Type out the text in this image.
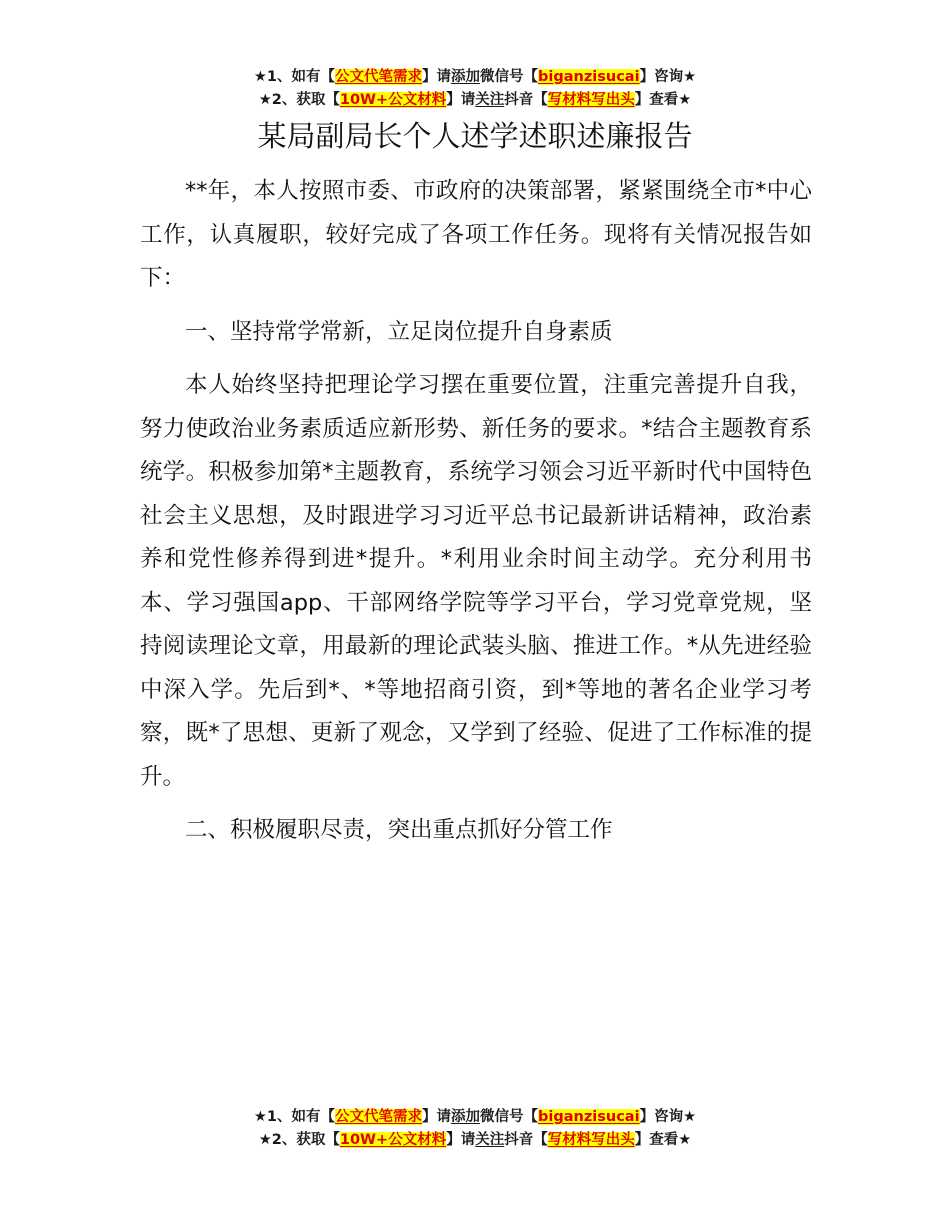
★1、如有【公文代笔需求】请添加微信号【biganzisucai】咨询★
★2、获取【10W+公文材料】请关注抖音【写材料写出头】查看★
某局副局长个人述学述职述廉报告

**年，本人按照市委、市政府的决策部署，紧紧围绕全市*中心工作，认真履职，较好完成了各项工作任务。现将有关情况报告如下：

一、坚持常学常新，立足岗位提升自身素质

本人始终坚持把理论学习摆在重要位置，注重完善提升自我，努力使政治业务素质适应新形势、新任务的要求。*结合主题教育系统学。积极参加第*主题教育，系统学习领会习近平新时代中国特色社会主义思想，及时跟进学习习近平总书记最新讲话精神，政治素养和党性修养得到进*提升。*利用业余时间主动学。充分利用书本、学习强国app、干部网络学院等学习平台，学习党章党规，坚持阅读理论文章，用最新的理论武装头脑、推进工作。*从先进经验中深入学。先后到*、*等地招商引资，到*等地的著名企业学习考察，既*了思想、更新了观念，又学到了经验、促进了工作标准的提升。

二、积极履职尽责，突出重点抓好分管工作

★1、如有【公文代笔需求】请添加微信号【biganzisucai】咨询★
★2、获取【10W+公文材料】请关注抖音【写材料写出头】查看★
